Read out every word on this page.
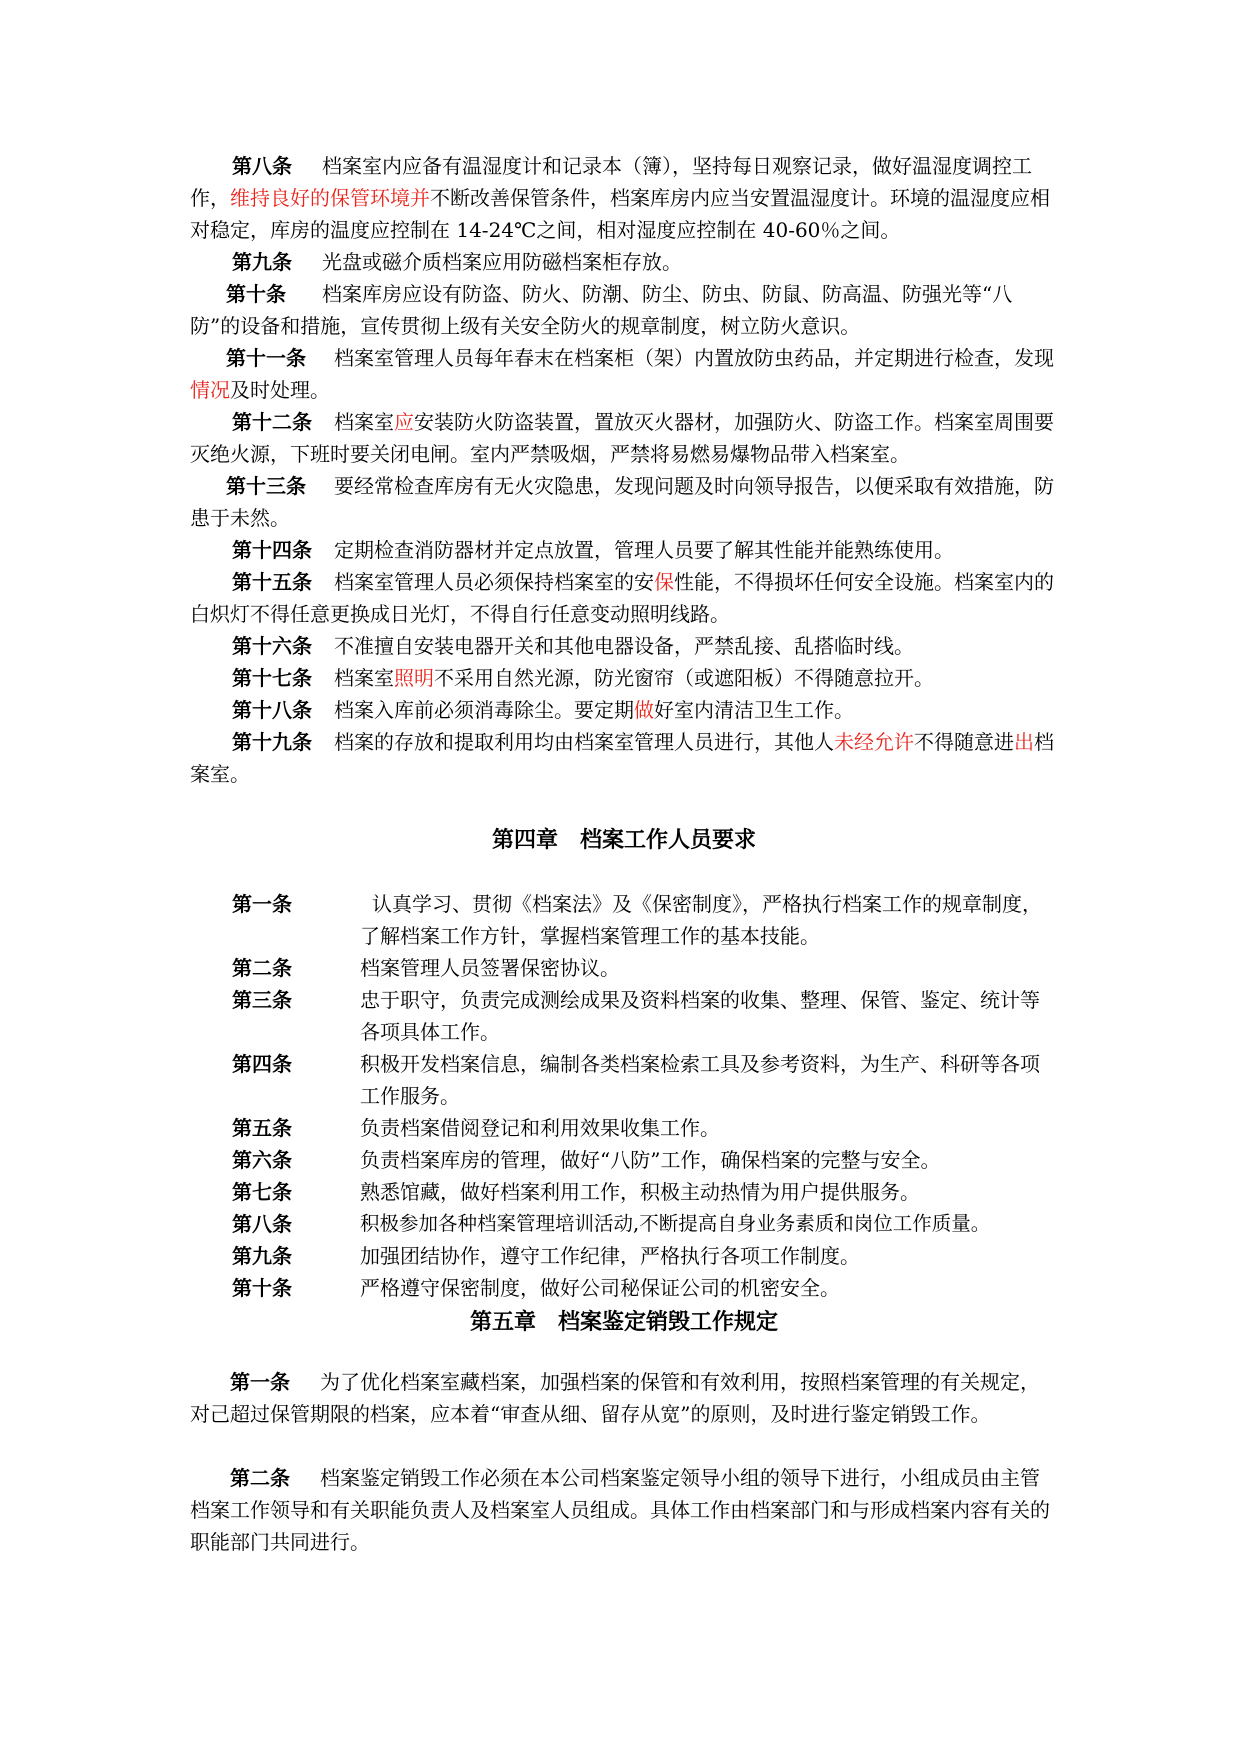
第八条 档案室内应备有温湿度计和记录本（簿），坚持每日观察记录，做好温湿度调控工作，维持良好的保管环境并不断改善保管条件，档案库房内应当安置温湿度计。环境的温湿度应相对稳定，库房的温度应控制在 14-24℃之间，相对湿度应控制在 40-60％之间。
第九条 光盘或磁介质档案应用防磁档案柜存放。
第十条 档案库房应设有防盗、防火、防潮、防尘、防虫、防鼠、防高温、防强光等“八防”的设备和措施，宣传贯彻上级有关安全防火的规章制度，树立防火意识。
第十一条 档案室管理人员每年春末在档案柜（架）内置放防虫药品，并定期进行检查，发现情况及时处理。
第十二条 档案室应安装防火防盗装置，置放灭火器材，加强防火、防盗工作。档案室周围要灭绝火源，下班时要关闭电闸。室内严禁吸烟，严禁将易燃易爆物品带入档案室。
第十三条 要经常检查库房有无火灾隐患，发现问题及时向领导报告，以便采取有效措施，防患于未然。
第十四条 定期检查消防器材并定点放置，管理人员要了解其性能并能熟练使用。
第十五条 档案室管理人员必须保持档案室的安保性能，不得损坏任何安全设施。档案室内的白炽灯不得任意更换成日光灯，不得自行任意变动照明线路。
第十六条 不准擅自安装电器开关和其他电器设备，严禁乱接、乱搭临时线。
第十七条 档案室照明不采用自然光源，防光窗帘（或遮阳板）不得随意拉开。
第十八条 档案入库前必须消毒除尘。要定期做好室内清洁卫生工作。
第十九条 档案的存放和提取利用均由档案室管理人员进行，其他人未经允许不得随意进出档案室。
第四章　档案工作人员要求
第一条	认真学习、贯彻《档案法》及《保密制度》，严格执行档案工作的规章制度，了解档案工作方针，掌握档案管理工作的基本技能。
第二条	档案管理人员签署保密协议。
第三条	忠于职守，负责完成测绘成果及资料档案的收集、整理、保管、鉴定、统计等各项具体工作。
第四条	积极开发档案信息，编制各类档案检索工具及参考资料，为生产、科研等各项工作服务。
第五条	负责档案借阅登记和利用效果收集工作。
第六条	负责档案库房的管理，做好“八防”工作，确保档案的完整与安全。
第七条	熟悉馆藏，做好档案利用工作，积极主动热情为用户提供服务。
第八条	积极参加各种档案管理培训活动,不断提高自身业务素质和岗位工作质量。
第九条	加强团结协作，遵守工作纪律，严格执行各项工作制度。
第十条	严格遵守保密制度，做好公司秘保证公司的机密安全。
第五章　档案鉴定销毁工作规定
第一条 为了优化档案室藏档案，加强档案的保管和有效利用，按照档案管理的有关规定，对己超过保管期限的档案，应本着“审查从细、留存从宽”的原则，及时进行鉴定销毁工作。
第二条 档案鉴定销毁工作必须在本公司档案鉴定领导小组的领导下进行，小组成员由主管档案工作领导和有关职能负责人及档案室人员组成。具体工作由档案部门和与形成档案内容有关的职能部门共同进行。
